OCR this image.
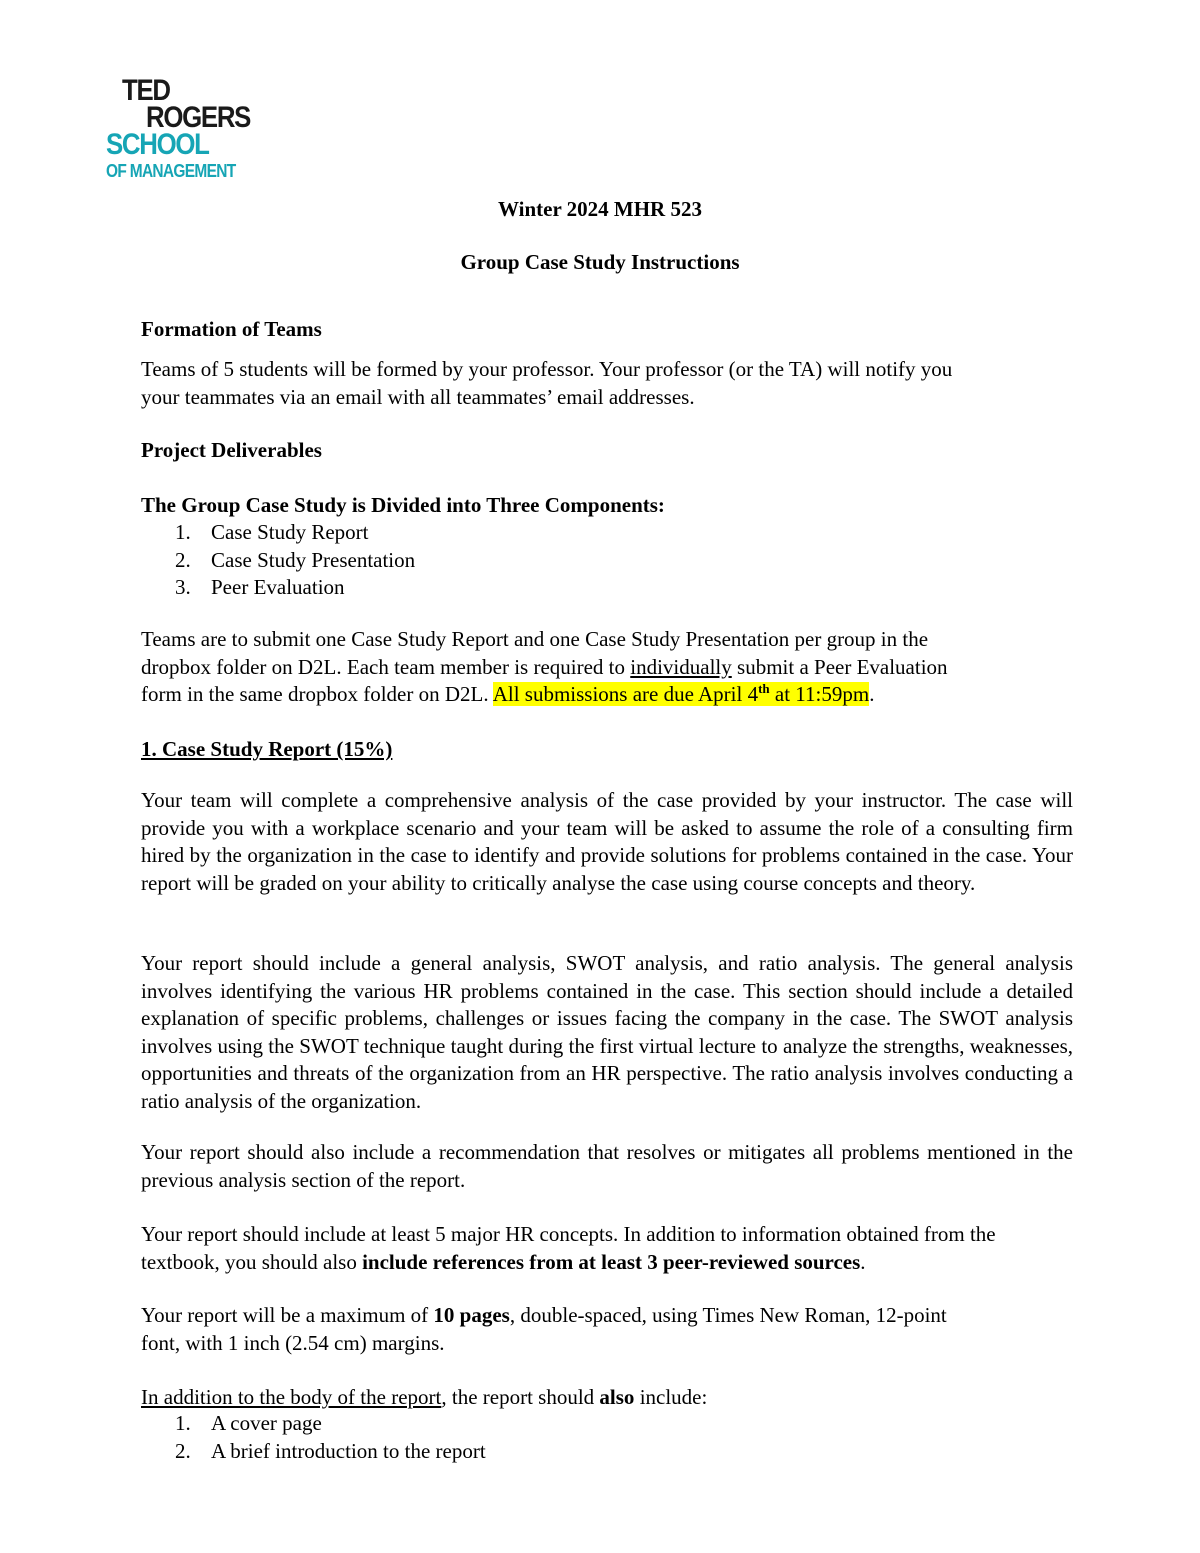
TED
ROGERS
SCHOOL
OF MANAGEMENT
Winter 2024 MHR 523
Group Case Study Instructions
Formation of Teams
Teams of 5 students will be formed by your professor. Your professor (or the TA) will notify you
your teammates via an email with all teammates’ email addresses.
Project Deliverables
The Group Case Study is Divided into Three Components:
1. Case Study Report
2. Case Study Presentation
3. Peer Evaluation
Teams are to submit one Case Study Report and one Case Study Presentation per group in the
dropbox folder on D2L. Each team member is required to individually submit a Peer Evaluation
form in the same dropbox folder on D2L. All submissions are due April 4th at 11:59pm.
1. Case Study Report (15%)
Your team will complete a comprehensive analysis of the case provided by your instructor. The case will provide you with a workplace scenario and your team will be asked to assume the role of a consulting firm hired by the organization in the case to identify and provide solutions for problems contained in the case. Your report will be graded on your ability to critically analyse the case using course concepts and theory.
Your report should include a general analysis, SWOT analysis, and ratio analysis. The general analysis involves identifying the various HR problems contained in the case. This section should include a detailed explanation of specific problems, challenges or issues facing the company in the case. The SWOT analysis involves using the SWOT technique taught during the first virtual lecture to analyze the strengths, weaknesses, opportunities and threats of the organization from an HR perspective. The ratio analysis involves conducting a ratio analysis of the organization.
Your report should also include a recommendation that resolves or mitigates all problems mentioned in the previous analysis section of the report.
Your report should include at least 5 major HR concepts. In addition to information obtained from the textbook, you should also include references from at least 3 peer-reviewed sources.
Your report will be a maximum of 10 pages, double-spaced, using Times New Roman, 12-point
font, with 1 inch (2.54 cm) margins.
In addition to the body of the report, the report should also include:
1. A cover page
2. A brief introduction to the report
